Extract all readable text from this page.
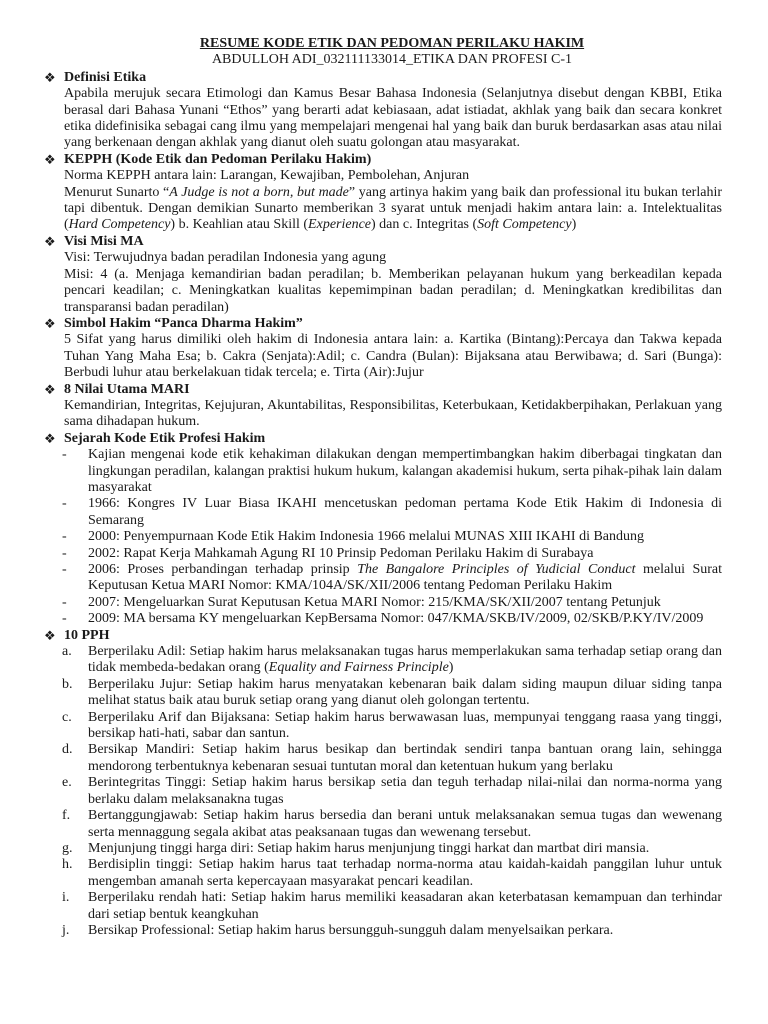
RESUME KODE ETIK DAN PEDOMAN PERILAKU HAKIM

ABDULLOH ADI_032111133014_ETIKA DAN PROFESI C-1

❖ Definisi Etika

Apabila merujuk secara Etimologi dan Kamus Besar Bahasa Indonesia (Selanjutnya disebut dengan KBBI, Etika berasal dari Bahasa Yunani “Ethos” yang berarti adat kebiasaan, adat istiadat, akhlak yang baik dan secara konkret etika didefinisika sebagai cang ilmu yang mempelajari mengenai hal yang baik dan buruk berdasarkan asas atau nilai yang berkenaan dengan akhlak yang dianut oleh suatu golongan atau masyarakat.

❖ KEPPH (Kode Etik dan Pedoman Perilaku Hakim)

Norma KEPPH antara lain: Larangan, Kewajiban, Pembolehan, Anjuran

Menurut Sunarto “A Judge is not a born, but made” yang artinya hakim yang baik dan professional itu bukan terlahir tapi dibentuk. Dengan demikian Sunarto memberikan 3 syarat untuk menjadi hakim antara lain: a. Intelektualitas (Hard Competency) b. Keahlian atau Skill (Experience) dan c. Integritas (Soft Competency)

❖ Visi Misi MA

Visi: Terwujudnya badan peradilan Indonesia yang agung

Misi: 4 (a. Menjaga kemandirian badan peradilan; b. Memberikan pelayanan hukum yang berkeadilan kepada pencari keadilan; c. Meningkatkan kualitas kepemimpinan badan peradilan; d. Meningkatkan kredibilitas dan transparansi badan peradilan)

❖ Simbol Hakim “Panca Dharma Hakim”

5 Sifat yang harus dimiliki oleh hakim di Indonesia antara lain: a. Kartika (Bintang):Percaya dan Takwa kepada Tuhan Yang Maha Esa; b. Cakra (Senjata):Adil; c. Candra (Bulan): Bijaksana atau Berwibawa; d. Sari (Bunga): Berbudi luhur atau berkelakuan tidak tercela; e. Tirta (Air):Jujur

❖ 8 Nilai Utama MARI

Kemandirian, Integritas, Kejujuran, Akuntabilitas, Responsibilitas, Keterbukaan, Ketidakberpihakan, Perlakuan yang sama dihadapan hukum.

❖ Sejarah Kode Etik Profesi Hakim
- Kajian mengenai kode etik kehakiman dilakukan dengan mempertimbangkan hakim diberbagai tingkatan dan lingkungan peradilan, kalangan praktisi hukum hukum, kalangan akademisi hukum, serta pihak-pihak lain dalam masyarakat
- 1966: Kongres IV Luar Biasa IKAHI mencetuskan pedoman pertama Kode Etik Hakim di Indonesia di Semarang
- 2000: Penyempurnaan Kode Etik Hakim Indonesia 1966 melalui MUNAS XIII IKAHI di Bandung
- 2002: Rapat Kerja Mahkamah Agung RI 10 Prinsip Pedoman Perilaku Hakim di Surabaya
- 2006: Proses perbandingan terhadap prinsip The Bangalore Principles of Yudicial Conduct melalui Surat Keputusan Ketua MARI Nomor: KMA/104A/SK/XII/2006 tentang Pedoman Perilaku Hakim
- 2007: Mengeluarkan Surat Keputusan Ketua MARI Nomor: 215/KMA/SK/XII/2007 tentang Petunjuk
- 2009: MA bersama KY mengeluarkan KepBersama Nomor: 047/KMA/SKB/IV/2009, 02/SKB/P.KY/IV/2009
❖ 10 PPH
a. Berperilaku Adil: Setiap hakim harus melaksanakan tugas harus memperlakukan sama terhadap setiap orang dan tidak membeda-bedakan orang (Equality and Fairness Principle)
b. Berperilaku Jujur: Setiap hakim harus menyatakan kebenaran baik dalam siding maupun diluar siding tanpa melihat status baik atau buruk setiap orang yang dianut oleh golongan tertentu.
c. Berperilaku Arif dan Bijaksana: Setiap hakim harus berwawasan luas, mempunyai tenggang raasa yang tinggi, bersikap hati-hati, sabar dan santun.
d. Bersikap Mandiri: Setiap hakim harus besikap dan bertindak sendiri tanpa bantuan orang lain, sehingga mendorong terbentuknya kebenaran sesuai tuntutan moral dan ketentuan hukum yang berlaku
e. Berintegritas Tinggi: Setiap hakim harus bersikap setia dan teguh terhadap nilai-nilai dan norma-norma yang berlaku dalam melaksanakna tugas
f. Bertanggungjawab: Setiap hakim harus bersedia dan berani untuk melaksanakan semua tugas dan wewenang serta mennaggung segala akibat atas peaksanaan tugas dan wewenang tersebut.
g. Menjunjung tinggi harga diri: Setiap hakim harus menjunjung tinggi harkat dan martbat diri mansia.
h. Berdisiplin tinggi: Setiap hakim harus taat terhadap norma-norma atau kaidah-kaidah panggilan luhur untuk mengemban amanah serta kepercayaan masyarakat pencari keadilan.
i. Berperilaku rendah hati: Setiap hakim harus memiliki keasadaran akan keterbatasan kemampuan dan terhindar dari setiap bentuk keangkuhan
j. Bersikap Professional: Setiap hakim harus bersungguh-sungguh dalam menyelsaikan perkara.
